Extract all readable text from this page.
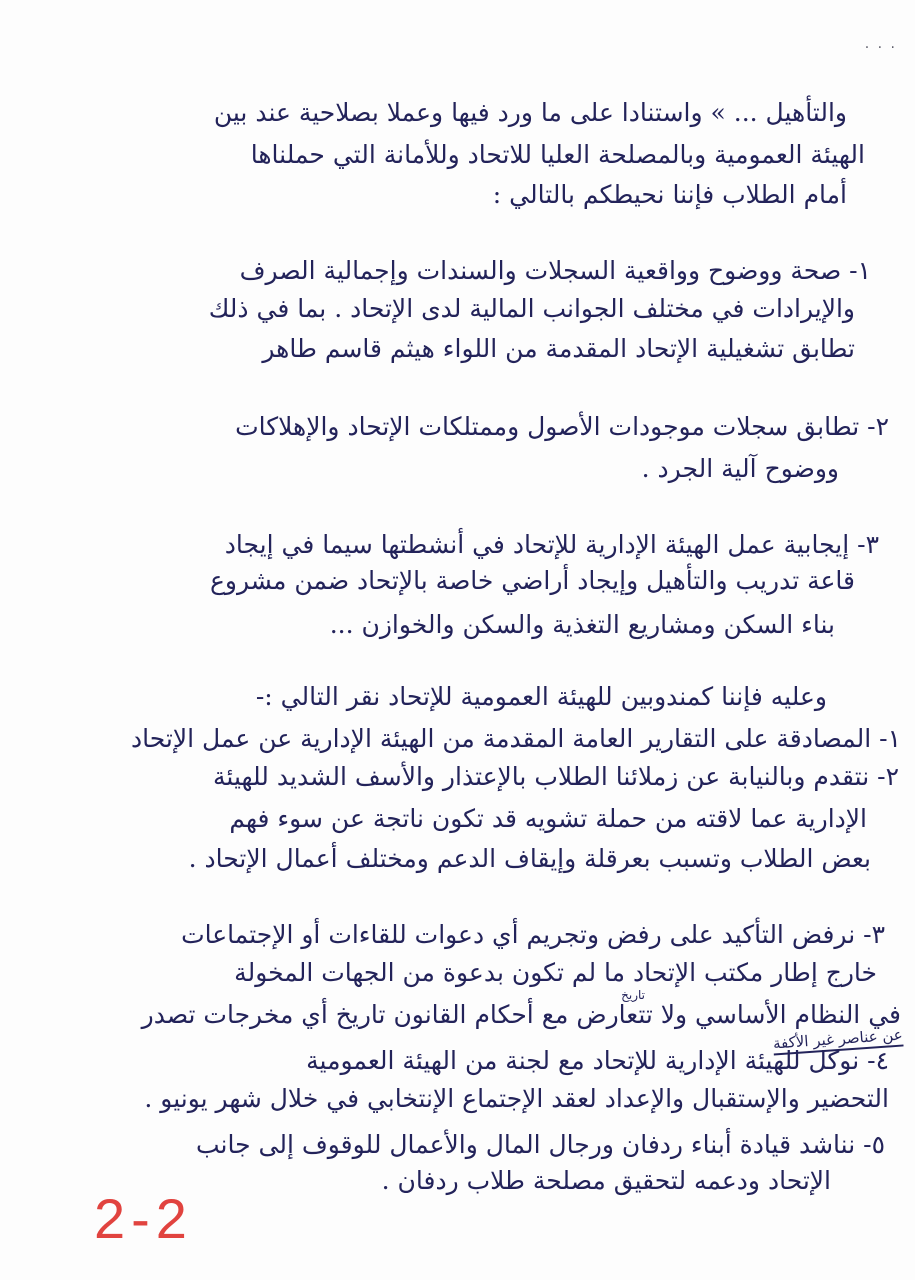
. . .
والتأهيل ... » واستنادا على ما ورد فيها وعملا بصلاحية عند بين
الهيئة العمومية وبالمصلحة العليا للاتحاد وللأمانة التي حملناها
أمام الطلاب فإننا نحيطكم بالتالي :
١- صحة ووضوح وواقعية السجلات والسندات وإجمالية الصرف
والإيرادات في مختلف الجوانب المالية لدى الإتحاد . بما في ذلك
تطابق تشغيلية الإتحاد المقدمة من اللواء هيثم قاسم طاهر
٢- تطابق سجلات موجودات الأصول وممتلكات الإتحاد والإهلاكات
ووضوح آلية الجرد .
٣- إيجابية عمل الهيئة الإدارية للإتحاد في أنشطتها سيما في إيجاد
قاعة تدريب والتأهيل وإيجاد أراضي خاصة بالإتحاد ضمن مشروع
بناء السكن ومشاريع التغذية والسكن والخوازن ...
وعليه فإننا كمندوبين للهيئة العمومية للإتحاد نقر التالي :-
١- المصادقة على التقارير العامة المقدمة من الهيئة الإدارية عن عمل الإتحاد
٢- نتقدم وبالنيابة عن زملائنا الطلاب بالإعتذار والأسف الشديد للهيئة
الإدارية عما لاقته من حملة تشويه قد تكون ناتجة عن سوء فهم
بعض الطلاب وتسبب بعرقلة وإيقاف الدعم ومختلف أعمال الإتحاد .
٣- نرفض التأكيد على رفض وتجريم أي دعوات للقاءات أو الإجتماعات
خارج إطار مكتب الإتحاد ما لم تكون بدعوة من الجهات المخولة
تاريخ
في النظام الأساسي ولا تتعارض مع أحكام القانون تاريخ أي مخرجات تصدر
عن عناصر غير الأكفة
٤- نوكل للهيئة الإدارية للإتحاد مع لجنة من الهيئة العمومية
التحضير والإستقبال والإعداد لعقد الإجتماع الإنتخابي في خلال شهر يونيو .
٥- نناشد قيادة أبناء ردفان ورجال المال والأعمال للوقوف إلى جانب
الإتحاد ودعمه لتحقيق مصلحة طلاب ردفان .
2-2
